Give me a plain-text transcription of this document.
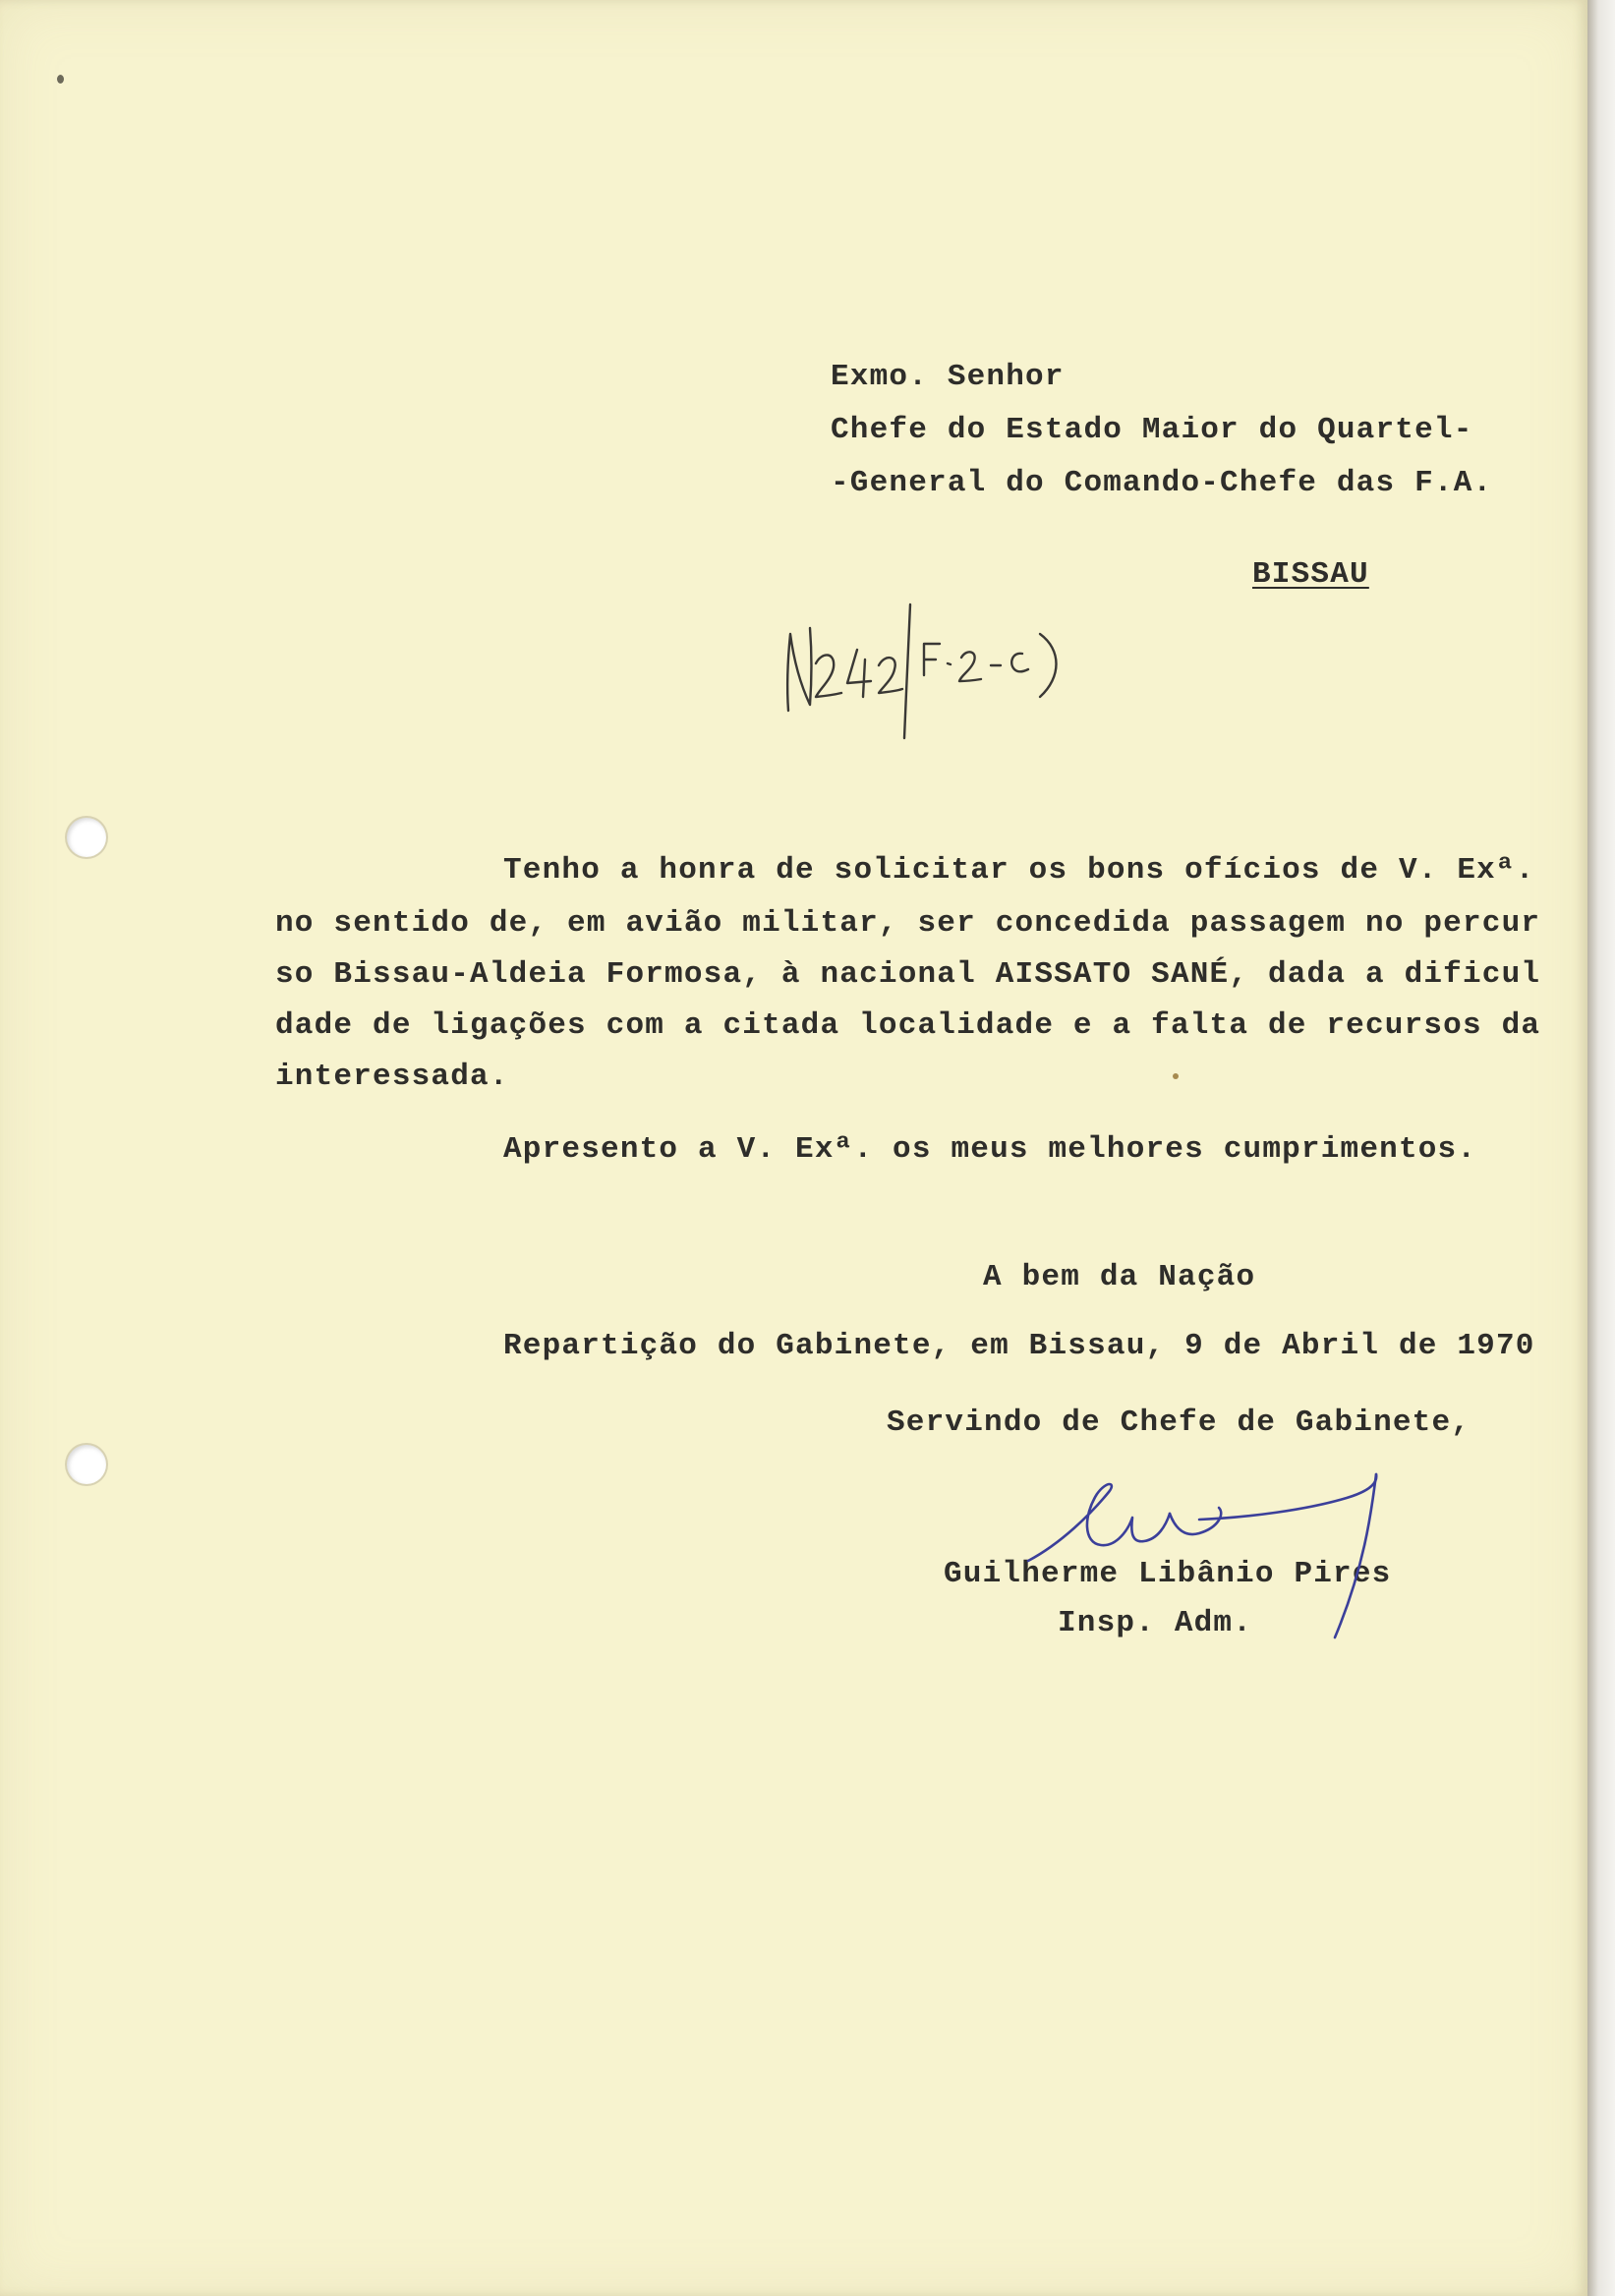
Exmo. Senhor
Chefe do Estado Maior do Quartel-
-General do Comando-Chefe das F.A.
BISSAU
Tenho a honra de solicitar os bons ofícios de V. Exª.
no sentido de, em avião militar, ser concedida passagem no percur
so Bissau-Aldeia Formosa, à nacional AISSATO SANÉ, dada a dificul
dade de ligações com a citada localidade e a falta de recursos da
interessada.
Apresento a V. Exª. os meus melhores cumprimentos.
A bem da Nação
Repartição do Gabinete, em Bissau, 9 de Abril de 1970
Servindo de Chefe de Gabinete,
Guilherme Libânio Pires
Insp. Adm.
